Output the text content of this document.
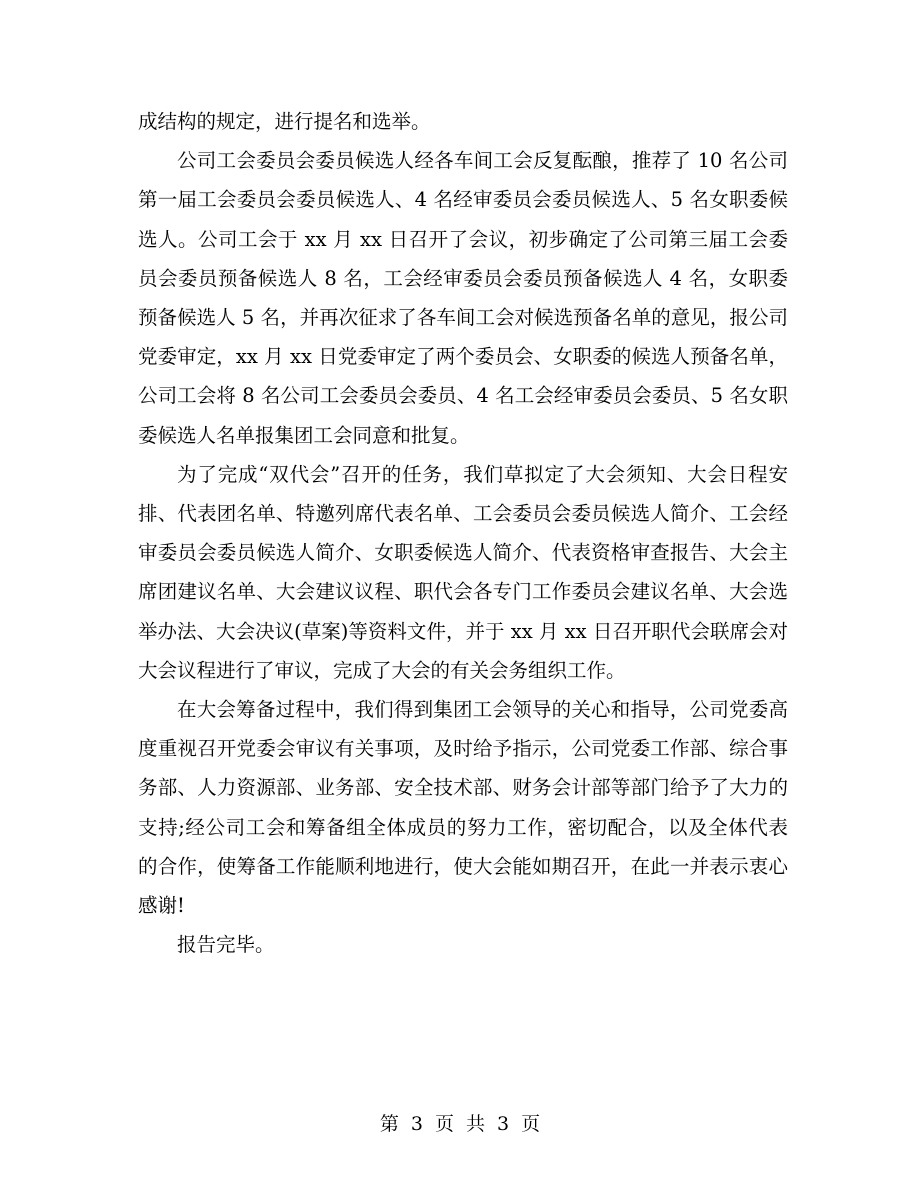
成结构的规定，进行提名和选举。

公司工会委员会委员候选人经各车间工会反复酝酿，推荐了 10 名公司第一届工会委员会委员候选人、4 名经审委员会委员候选人、5 名女职委候选人。公司工会于 xx 月 xx 日召开了会议，初步确定了公司第三届工会委员会委员预备候选人 8 名，工会经审委员会委员预备候选人 4 名，女职委预备候选人 5 名，并再次征求了各车间工会对候选预备名单的意见，报公司党委审定，xx 月 xx 日党委审定了两个委员会、女职委的候选人预备名单，公司工会将 8 名公司工会委员会委员、4 名工会经审委员会委员、5 名女职委候选人名单报集团工会同意和批复。

为了完成“双代会”召开的任务，我们草拟定了大会须知、大会日程安排、代表团名单、特邀列席代表名单、工会委员会委员候选人简介、工会经审委员会委员候选人简介、女职委候选人简介、代表资格审查报告、大会主席团建议名单、大会建议议程、职代会各专门工作委员会建议名单、大会选举办法、大会决议(草案)等资料文件，并于 xx 月 xx 日召开职代会联席会对大会议程进行了审议，完成了大会的有关会务组织工作。

在大会筹备过程中，我们得到集团工会领导的关心和指导，公司党委高度重视召开党委会审议有关事项，及时给予指示，公司党委工作部、综合事务部、人力资源部、业务部、安全技术部、财务会计部等部门给予了大力的支持;经公司工会和筹备组全体成员的努力工作，密切配合，以及全体代表的合作，使筹备工作能顺利地进行，使大会能如期召开，在此一并表示衷心感谢!

报告完毕。

第 3 页 共 3 页
